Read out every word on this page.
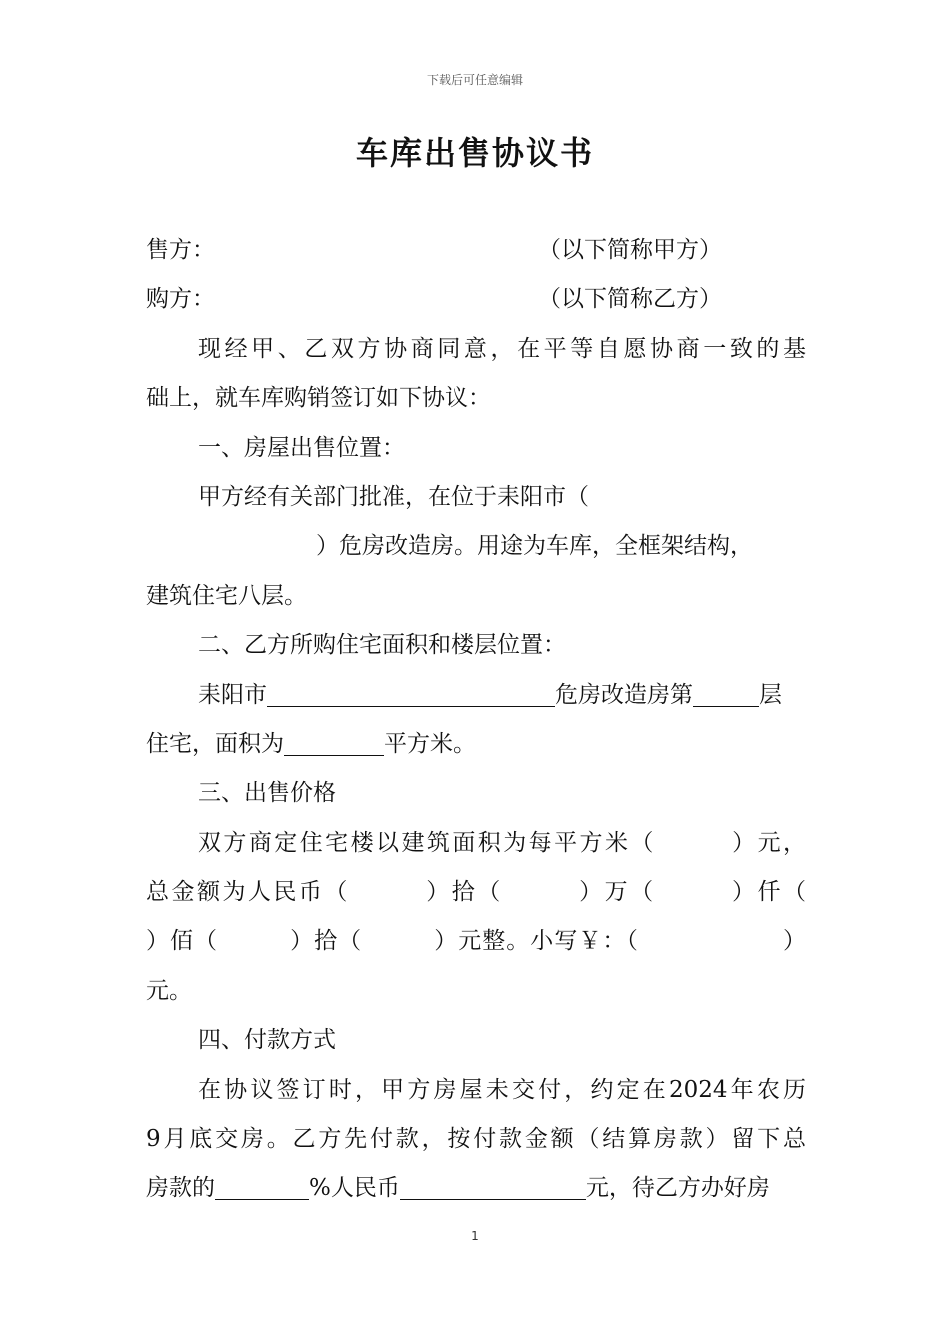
下载后可任意编辑
车库出售协议书
售方：	（以下简称甲方）
购方：	（以下简称乙方）
现经甲、乙双方协商同意，在平等自愿协商一致的基
础上，就车库购销签订如下协议：
一、房屋出售位置：
甲方经有关部门批准，在位于耒阳市（
）危房改造房。用途为车库，全框架结构，
建筑住宅八层。
二、乙方所购住宅面积和楼层位置：
耒阳市	危房改造房第	层
住宅，面积为	平方米。
三、出售价格
双方商定住宅楼以建筑面积为每平方米（　　　）元，
总金额为人民币（　　　）拾（　　　）万（　　　）仟（
）佰（　　　）拾（　　　）元整。小写￥：（　　　　　　）
元。
四、付款方式
在协议签订时，甲方房屋未交付，约定在2024年农历
9月底交房。乙方先付款，按付款金额（结算房款）留下总
房款的	%人民币	元，待乙方办好房
1
